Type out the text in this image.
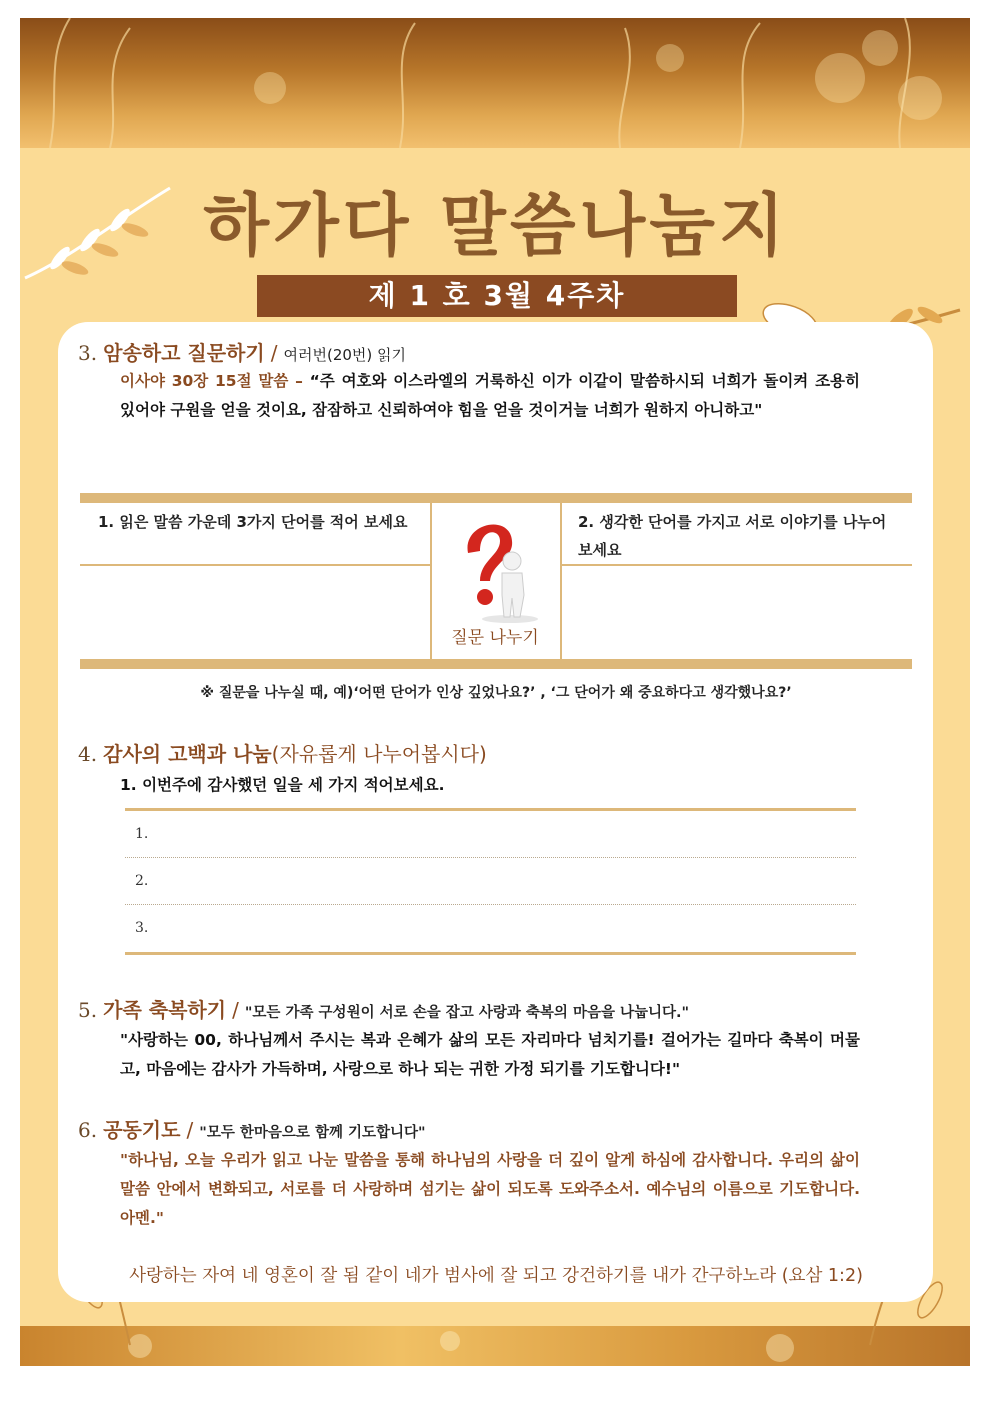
하가다 말씀나눔지
제 1 호 3월 4주차
3. 암송하고 질문하기 / 여러번(20번) 읽기
이사야 30장 15절 말씀 – “주 여호와 이스라엘의 거룩하신 이가 이같이 말씀하시되 너희가 돌이켜 조용히 있어야 구원을 얻을 것이요, 잠잠하고 신뢰하여야 힘을 얻을 것이거늘 너희가 원하지 아니하고"
1. 읽은 말씀 가운데 3가지 단어를 적어 보세요	2. 생각한 단어를 가지고 서로 이야기를 나누어 보세요
질문 나누기
※ 질문을 나누실 때, 예)‘어떤 단어가 인상 깊었나요?’ , ‘그 단어가 왜 중요하다고 생각했나요?’
4. 감사의 고백과 나눔(자유롭게 나누어봅시다)
1. 이번주에 감사했던 일을 세 가지 적어보세요.
1.
2.
3.
5. 가족 축복하기 / "모든 가족 구성원이 서로 손을 잡고 사랑과 축복의 마음을 나눕니다."
"사랑하는 00, 하나님께서 주시는 복과 은혜가 삶의 모든 자리마다 넘치기를! 걸어가는 길마다 축복이 머물고, 마음에는 감사가 가득하며, 사랑으로 하나 되는 귀한 가정 되기를 기도합니다!"
6. 공동기도 / "모두 한마음으로 함께 기도합니다"
"하나님, 오늘 우리가 읽고 나눈 말씀을 통해 하나님의 사랑을 더 깊이 알게 하심에 감사합니다. 우리의 삶이 말씀 안에서 변화되고, 서로를 더 사랑하며 섬기는 삶이 되도록 도와주소서. 예수님의 이름으로 기도합니다. 아멘."
사랑하는 자여 네 영혼이 잘 됨 같이 네가 범사에 잘 되고 강건하기를 내가 간구하노라 (요삼 1:2)
